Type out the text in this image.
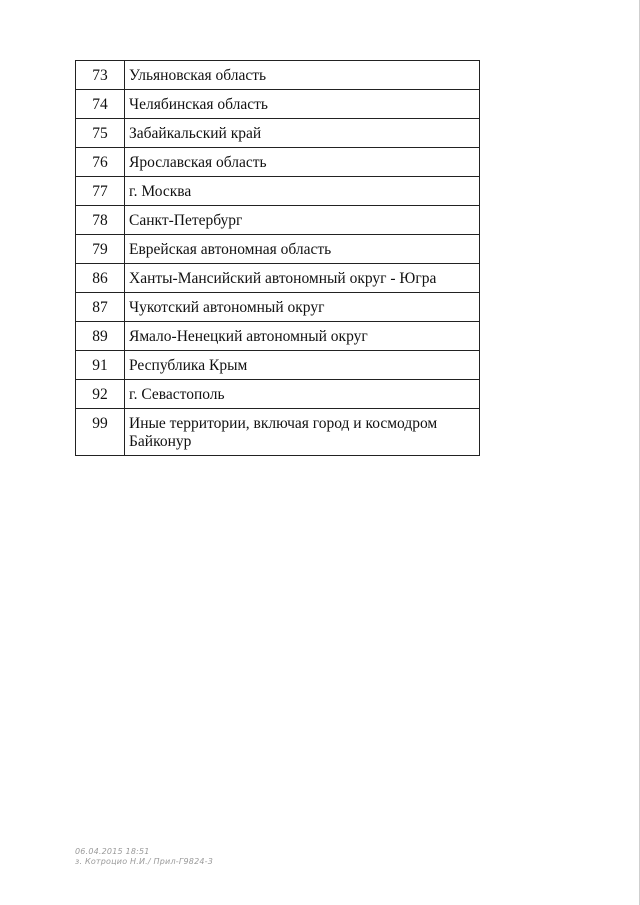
73	Ульяновская область
74	Челябинская область
75	Забайкальский край
76	Ярославская область
77	г. Москва
78	Санкт-Петербург
79	Еврейская автономная область
86	Ханты-Мансийский автономный округ - Югра
87	Чукотский автономный округ
89	Ямало-Ненецкий автономный округ
91	Республика Крым
92	г. Севастополь
99	Иные территории, включая город и космодром Байконур
06.04.2015 18:51
з. Котроцио Н.И./ Прил-Г9824-3
